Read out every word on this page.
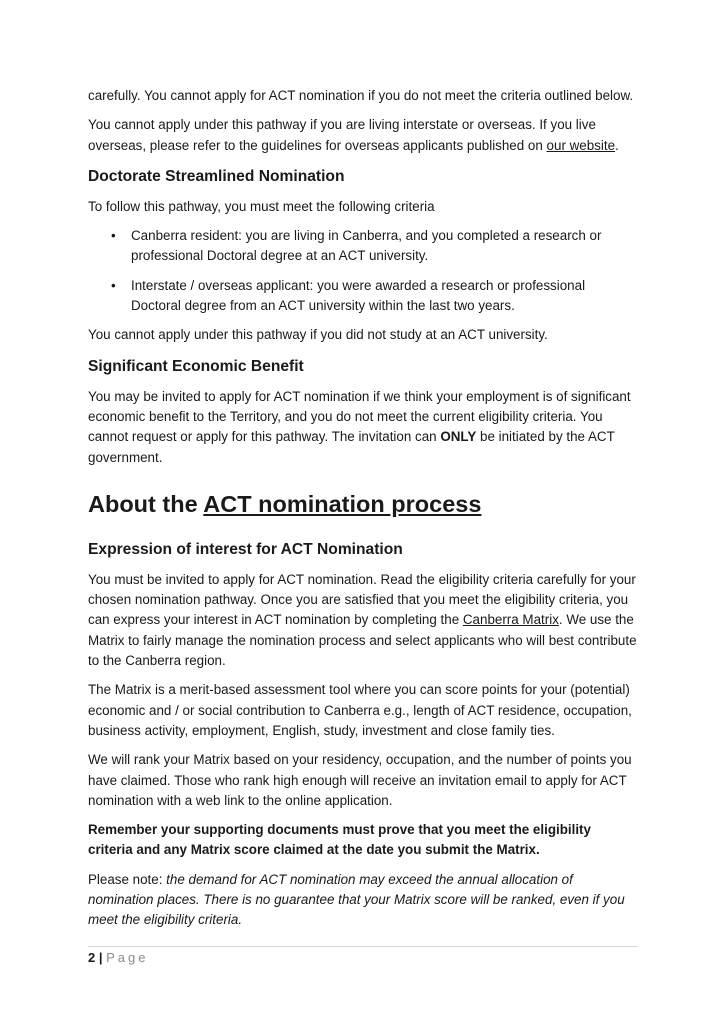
carefully. You cannot apply for ACT nomination if you do not meet the criteria outlined below.

You cannot apply under this pathway if you are living interstate or overseas. If you live overseas, please refer to the guidelines for overseas applicants published on our website.

Doctorate Streamlined Nomination

To follow this pathway, you must meet the following criteria

• Canberra resident: you are living in Canberra, and you completed a research or professional Doctoral degree at an ACT university.
• Interstate / overseas applicant: you were awarded a research or professional Doctoral degree from an ACT university within the last two years.

You cannot apply under this pathway if you did not study at an ACT university.

Significant Economic Benefit

You may be invited to apply for ACT nomination if we think your employment is of significant economic benefit to the Territory, and you do not meet the current eligibility criteria. You cannot request or apply for this pathway. The invitation can ONLY be initiated by the ACT government.

About the ACT nomination process
Expression of interest for ACT Nomination

You must be invited to apply for ACT nomination. Read the eligibility criteria carefully for your chosen nomination pathway. Once you are satisfied that you meet the eligibility criteria, you can express your interest in ACT nomination by completing the Canberra Matrix. We use the Matrix to fairly manage the nomination process and select applicants who will best contribute to the Canberra region.

The Matrix is a merit-based assessment tool where you can score points for your (potential) economic and / or social contribution to Canberra e.g., length of ACT residence, occupation, business activity, employment, English, study, investment and close family ties.

We will rank your Matrix based on your residency, occupation, and the number of points you have claimed. Those who rank high enough will receive an invitation email to apply for ACT nomination with a web link to the online application.

Remember your supporting documents must prove that you meet the eligibility criteria and any Matrix score claimed at the date you submit the Matrix.

Please note: the demand for ACT nomination may exceed the annual allocation of nomination places. There is no guarantee that your Matrix score will be ranked, even if you meet the eligibility criteria.

2 | Page
